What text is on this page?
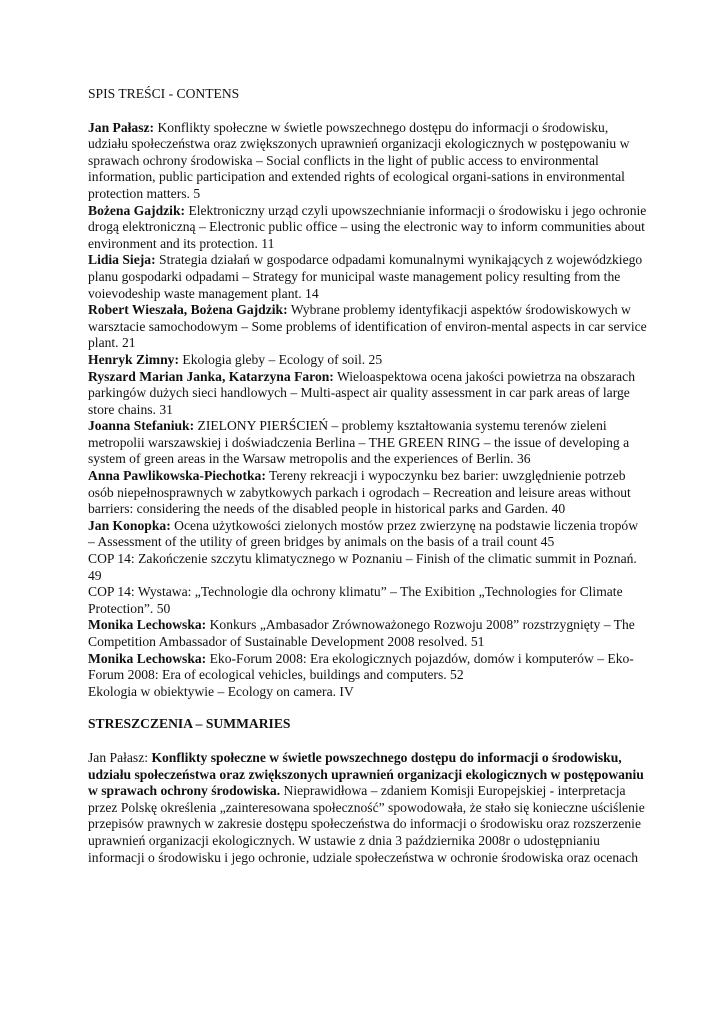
SPIS TREŚCI - CONTENS

Jan Pałasz: Konflikty społeczne w świetle powszechnego dostępu do informacji o środowisku, udziału społeczeństwa oraz zwiększonych uprawnień organizacji ekologicznych w postępowaniu w sprawach ochrony środowiska – Social conflicts in the light of public access to environmental information, public participation and extended rights of ecological organi-sations in environmental protection matters. 5

Bożena Gajdzik: Elektroniczny urząd czyli upowszechnianie informacji o środowisku i jego ochronie drogą elektroniczną – Electronic public office – using the electronic way to inform communities about environment and its protection. 11

Lidia Sieja: Strategia działań w gospodarce odpadami komunalnymi wynikających z wojewódzkiego planu gospodarki odpadami – Strategy for municipal waste management policy resulting from the voievodeship waste management plant. 14

Robert Wieszała, Bożena Gajdzik: Wybrane problemy identyfikacji aspektów środowiskowych w warsztacie samochodowym – Some problems of identification of environ-mental aspects in car service plant. 21

Henryk Zimny: Ekologia gleby – Ecology of soil. 25

Ryszard Marian Janka, Katarzyna Faron: Wieloaspektowa ocena jakości powietrza na obszarach parkingów dużych sieci handlowych – Multi-aspect air quality assessment in car park areas of large store chains. 31

Joanna Stefaniuk: ZIELONY PIERŚCIEŃ – problemy kształtowania systemu terenów zieleni metropolii warszawskiej i doświadczenia Berlina – THE GREEN RING – the issue of developing a system of green areas in the Warsaw metropolis and the experiences of Berlin. 36

Anna Pawlikowska-Piechotka: Tereny rekreacji i wypoczynku bez barier: uwzględnienie potrzeb osób niepełnosprawnych w zabytkowych parkach i ogrodach – Recreation and leisure areas without barriers: considering the needs of the disabled people in historical parks and Garden. 40

Jan Konopka: Ocena użytkowości zielonych mostów przez zwierzynę na podstawie liczenia tropów – Assessment of the utility of green bridges by animals on the basis of a trail count 45

COP 14: Zakończenie szczytu klimatycznego w Poznaniu – Finish of the climatic summit in Poznań. 49

COP 14: Wystawa: „Technologie dla ochrony klimatu” – The Exibition „Technologies for Climate Protection”. 50

Monika Lechowska: Konkurs „Ambasador Zrównoważonego Rozwoju 2008” rozstrzygnięty – The Competition Ambassador of Sustainable Development 2008 resolved. 51

Monika Lechowska: Eko-Forum 2008: Era ekologicznych pojazdów, domów i komputerów – Eko-Forum 2008: Era of ecological vehicles, buildings and computers. 52

Ekologia w obiektywie – Ecology on camera. IV

STRESZCZENIA – SUMMARIES

Jan Pałasz: Konflikty społeczne w świetle powszechnego dostępu do informacji o środowisku, udziału społeczeństwa oraz zwiększonych uprawnień organizacji ekologicznych w postępowaniu w sprawach ochrony środowiska. Nieprawidłowa – zdaniem Komisji Europejskiej - interpretacja przez Polskę określenia „zainteresowana społeczność” spowodowała, że stało się konieczne uściślenie przepisów prawnych w zakresie dostępu społeczeństwa do informacji o środowisku oraz rozszerzenie uprawnień organizacji ekologicznych. W ustawie z dnia 3 października 2008r o udostępnianiu informacji o środowisku i jego ochronie, udziale społeczeństwa w ochronie środowiska oraz ocenach
